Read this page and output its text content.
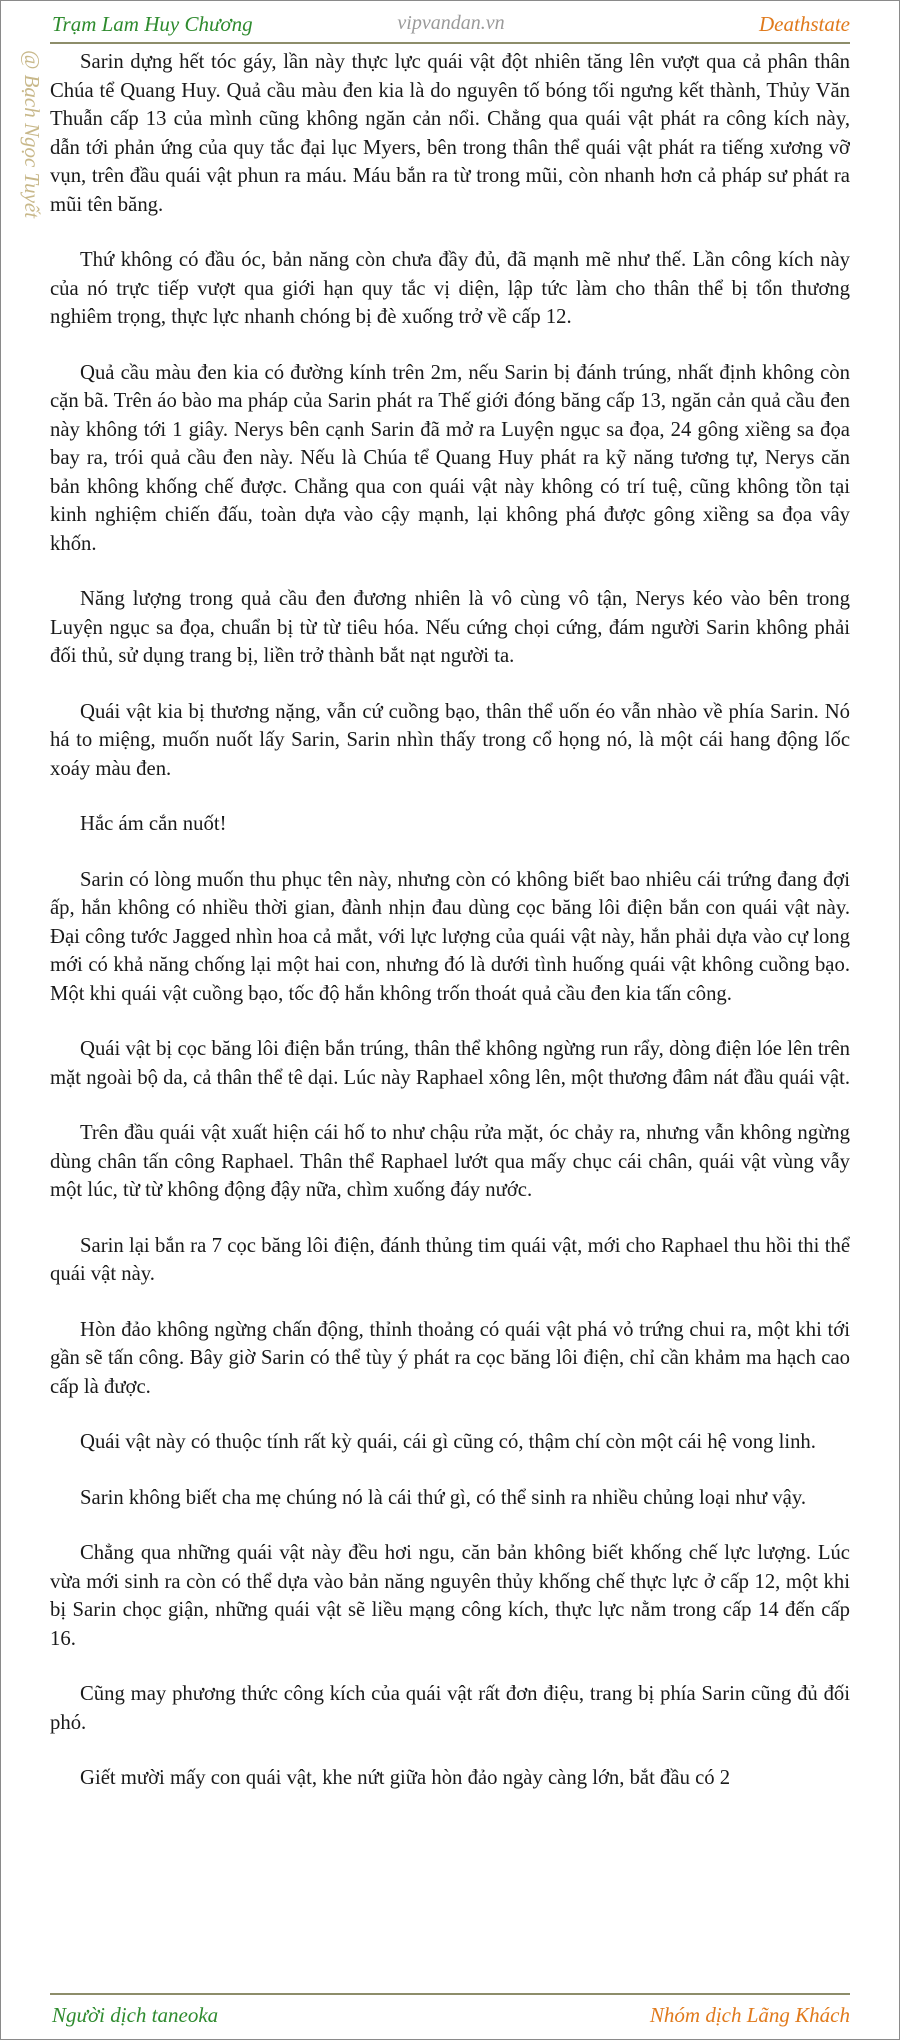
Trạm Lam Huy Chương	vipvandan.vn	Deathstate
@ Bạch Ngọc Tuyết	Sarin dựng hết tóc gáy, lần này thực lực quái vật đột nhiên tăng lên vượt qua cả phân thân Chúa tể Quang Huy. Quả cầu màu đen kia là do nguyên tố bóng tối ngưng kết thành, Thủy Văn Thuẫn cấp 13 của mình cũng không ngăn cản nổi. Chẳng qua quái vật phát ra công kích này, dẫn tới phản ứng của quy tắc đại lục Myers, bên trong thân thể quái vật phát ra tiếng xương vỡ vụn, trên đầu quái vật phun ra máu. Máu bắn ra từ trong mũi, còn nhanh hơn cả pháp sư phát ra mũi tên băng.

Thứ không có đầu óc, bản năng còn chưa đầy đủ, đã mạnh mẽ như thế. Lần công kích này của nó trực tiếp vượt qua giới hạn quy tắc vị diện, lập tức làm cho thân thể bị tổn thương nghiêm trọng, thực lực nhanh chóng bị đè xuống trở về cấp 12.

Quả cầu màu đen kia có đường kính trên 2m, nếu Sarin bị đánh trúng, nhất định không còn cặn bã. Trên áo bào ma pháp của Sarin phát ra Thế giới đóng băng cấp 13, ngăn cản quả cầu đen này không tới 1 giây. Nerys bên cạnh Sarin đã mở ra Luyện ngục sa đọa, 24 gông xiềng sa đọa bay ra, trói quả cầu đen này. Nếu là Chúa tể Quang Huy phát ra kỹ năng tương tự, Nerys căn bản không khống chế được. Chẳng qua con quái vật này không có trí tuệ, cũng không tồn tại kinh nghiệm chiến đấu, toàn dựa vào cậy mạnh, lại không phá được gông xiềng sa đọa vây khốn.

Năng lượng trong quả cầu đen đương nhiên là vô cùng vô tận, Nerys kéo vào bên trong Luyện ngục sa đọa, chuẩn bị từ từ tiêu hóa. Nếu cứng chọi cứng, đám người Sarin không phải đối thủ, sử dụng trang bị, liền trở thành bắt nạt người ta.

Quái vật kia bị thương nặng, vẫn cứ cuồng bạo, thân thể uốn éo vẫn nhào về phía Sarin. Nó há to miệng, muốn nuốt lấy Sarin, Sarin nhìn thấy trong cổ họng nó, là một cái hang động lốc xoáy màu đen.

Hắc ám cắn nuốt!

Sarin có lòng muốn thu phục tên này, nhưng còn có không biết bao nhiêu cái trứng đang đợi ấp, hắn không có nhiều thời gian, đành nhịn đau dùng cọc băng lôi điện bắn con quái vật này. Đại công tước Jagged nhìn hoa cả mắt, với lực lượng của quái vật này, hắn phải dựa vào cự long mới có khả năng chống lại một hai con, nhưng đó là dưới tình huống quái vật không cuồng bạo. Một khi quái vật cuồng bạo, tốc độ hắn không trốn thoát quả cầu đen kia tấn công.

Quái vật bị cọc băng lôi điện bắn trúng, thân thể không ngừng run rẩy, dòng điện lóe lên trên mặt ngoài bộ da, cả thân thể tê dại. Lúc này Raphael xông lên, một thương đâm nát đầu quái vật.

Trên đầu quái vật xuất hiện cái hố to như chậu rửa mặt, óc chảy ra, nhưng vẫn không ngừng dùng chân tấn công Raphael. Thân thể Raphael lướt qua mấy chục cái chân, quái vật vùng vẫy một lúc, từ từ không động đậy nữa, chìm xuống đáy nước.

Sarin lại bắn ra 7 cọc băng lôi điện, đánh thủng tim quái vật, mới cho Raphael thu hồi thi thể quái vật này.

Hòn đảo không ngừng chấn động, thỉnh thoảng có quái vật phá vỏ trứng chui ra, một khi tới gần sẽ tấn công. Bây giờ Sarin có thể tùy ý phát ra cọc băng lôi điện, chỉ cần khảm ma hạch cao cấp là được.

Quái vật này có thuộc tính rất kỳ quái, cái gì cũng có, thậm chí còn một cái hệ vong linh.

Sarin không biết cha mẹ chúng nó là cái thứ gì, có thể sinh ra nhiều chủng loại như vậy.

Chẳng qua những quái vật này đều hơi ngu, căn bản không biết khống chế lực lượng. Lúc vừa mới sinh ra còn có thể dựa vào bản năng nguyên thủy khống chế thực lực ở cấp 12, một khi bị Sarin chọc giận, những quái vật sẽ liều mạng công kích, thực lực nằm trong cấp 14 đến cấp 16.

Cũng may phương thức công kích của quái vật rất đơn điệu, trang bị phía Sarin cũng đủ đối phó.

Giết mười mấy con quái vật, khe nứt giữa hòn đảo ngày càng lớn, bắt đầu có 2

Người dịch taneoka	Nhóm dịch Lãng Khách
